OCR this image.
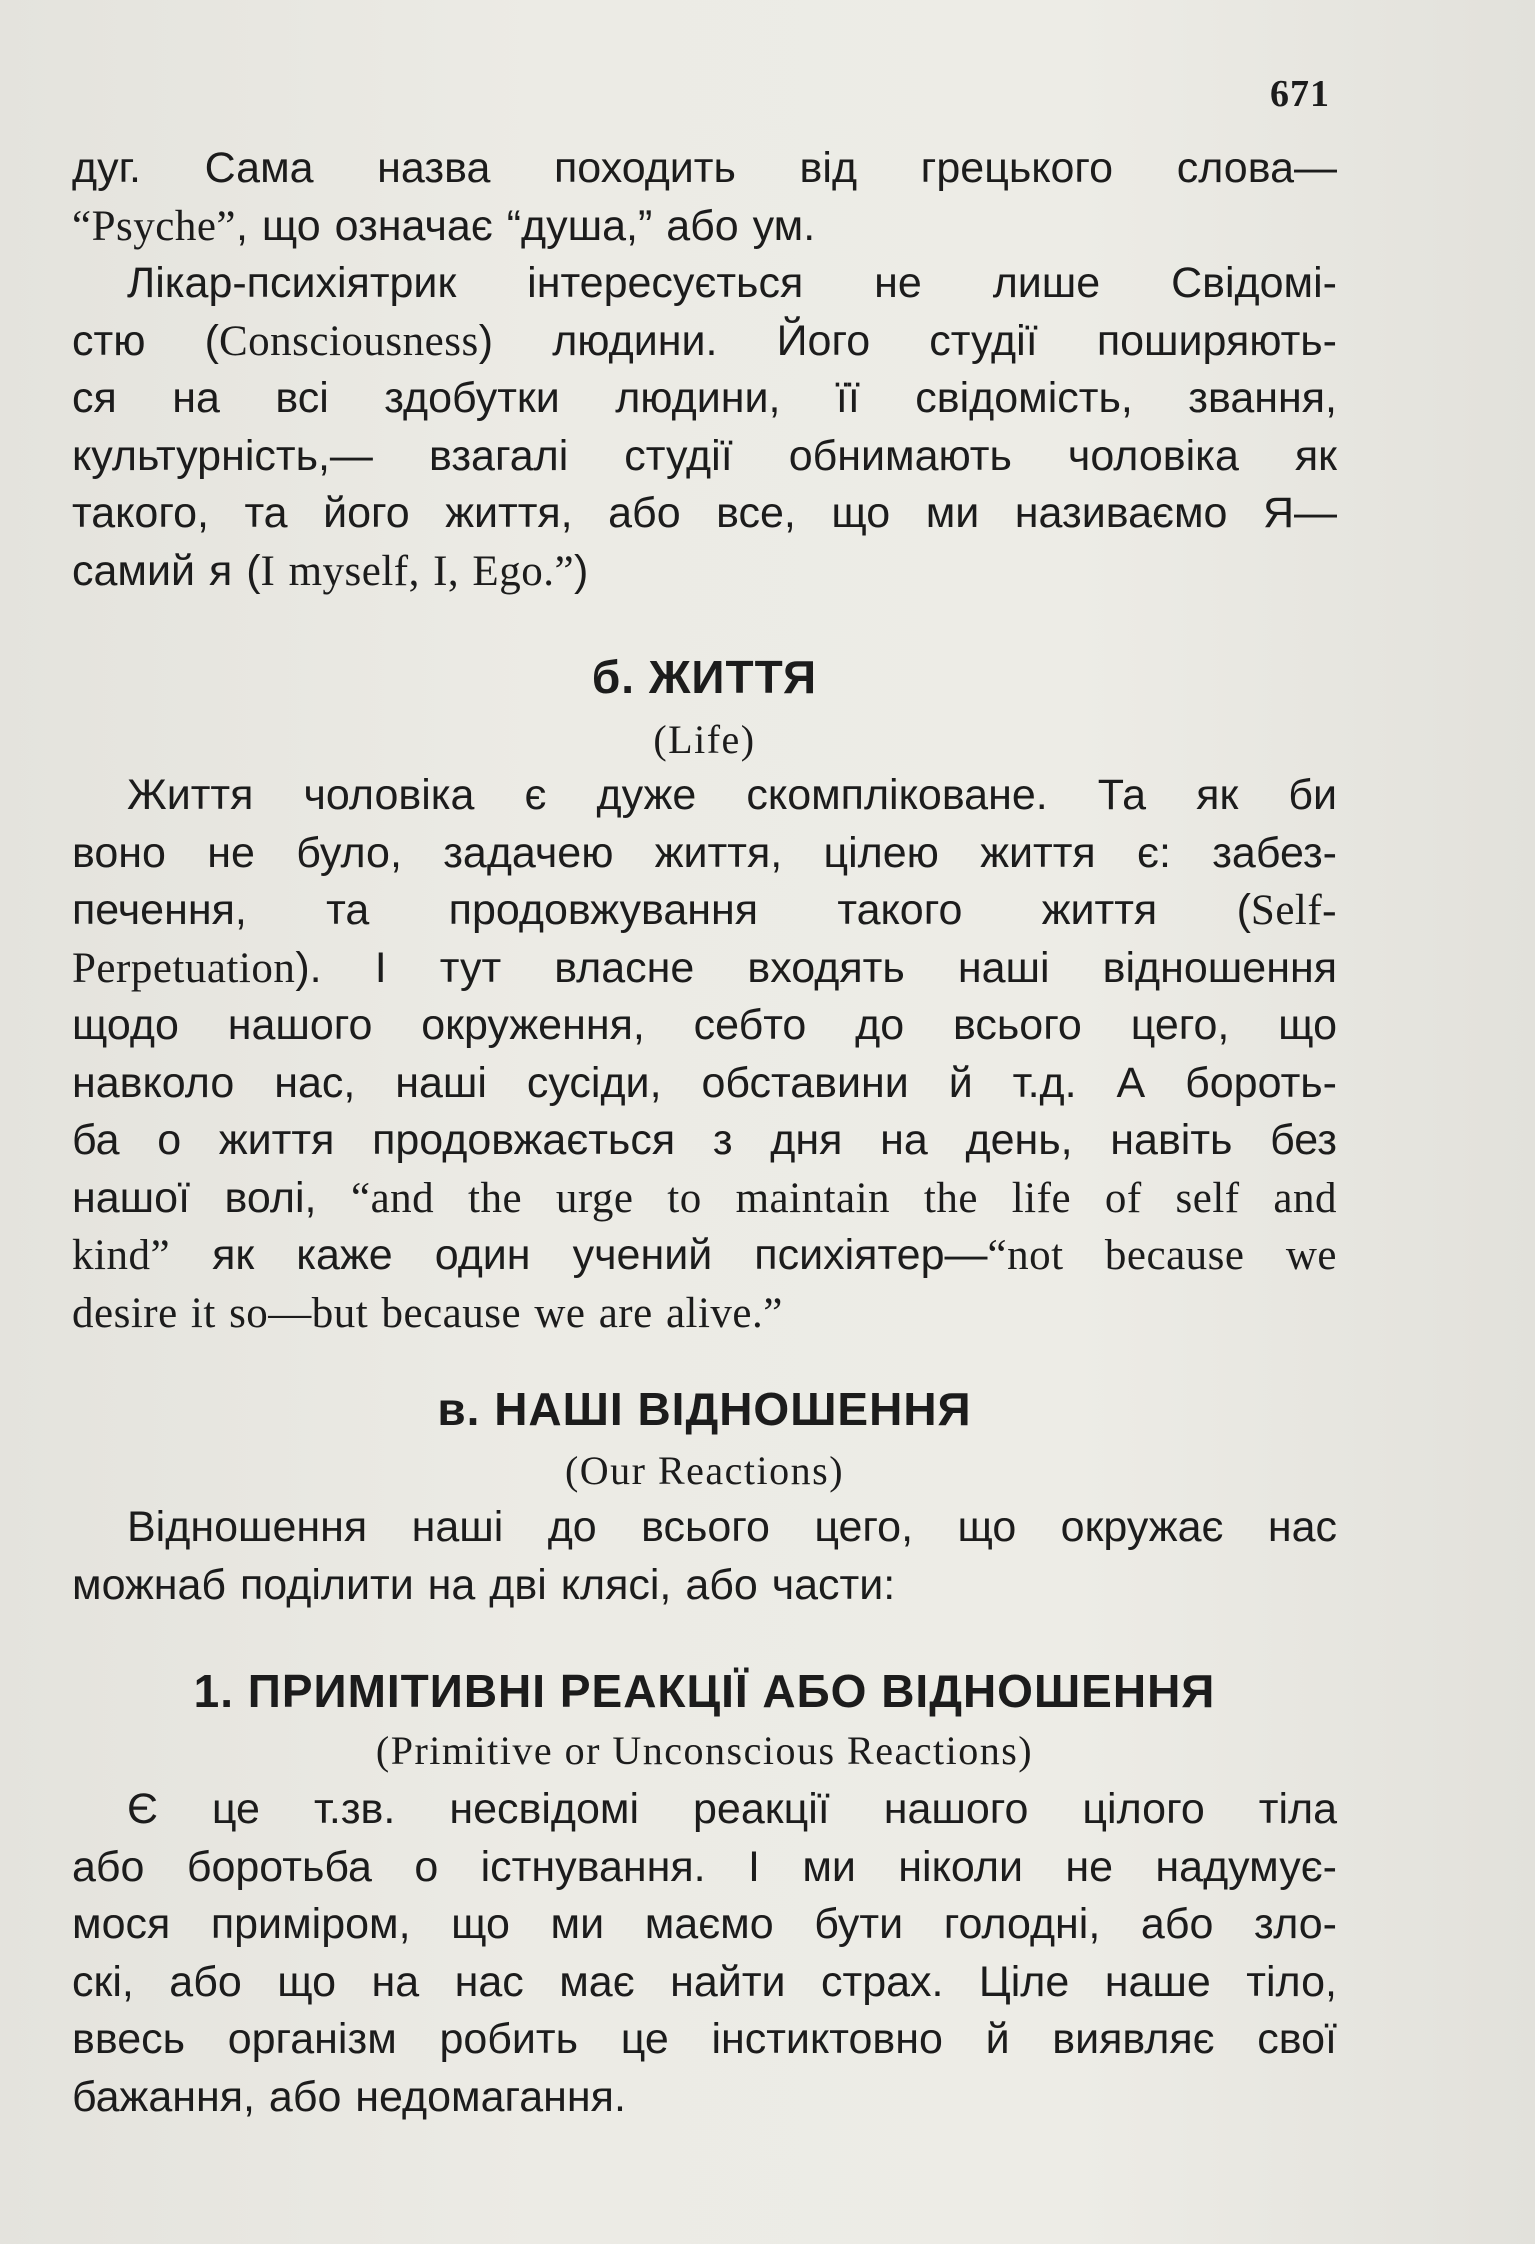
671
дуг. Сама назва походить від грецького слова—
“Psyche”, що означає “душа,” або ум.
Лікар-психіятрик інтересується не лише Свідомі-
стю (Consciousness) людини. Його студії поширяють-
ся на всі здобутки людини, її свідомість, звання,
культурність,— взагалі студії обнимають чоловіка як
такого, та його життя, або все, що ми називаємо Я—
самий я (I myself, I, Ego.”)
б. ЖИТТЯ
(Life)
Життя чоловіка є дуже скомпліковане. Та як би
воно не було, задачею життя, цілею життя є: забез-
печення, та продовжування такого життя (Self-
Perpetuation). І тут власне входять наші відношення
щодо нашого окруження, себто до всього цего, що
навколо нас, наші сусіди, обставини й т.д. А бороть-
ба о життя продовжається з дня на день, навіть без
нашої волі, “and the urge to maintain the life of self and
kind” як каже один учений психіятер—“not because we
desire it so—but because we are alive.”
в. НАШІ ВІДНОШЕННЯ
(Our Reactions)
Відношення наші до всього цего, що окружає нас
можнаб поділити на дві клясі, або части:
1. ПРИМІТИВНІ РЕАКЦІЇ АБО ВІДНОШЕННЯ
(Primitive or Unconscious Reactions)
Є це т.зв. несвідомі реакції нашого цілого тіла
або боротьба о істнування. І ми ніколи не надумує-
мося приміром, що ми маємо бути голодні, або зло-
скі, або що на нас має найти страх. Ціле наше тіло,
ввесь організм робить це інстиктовно й виявляє свої
бажання, або недомагання.
